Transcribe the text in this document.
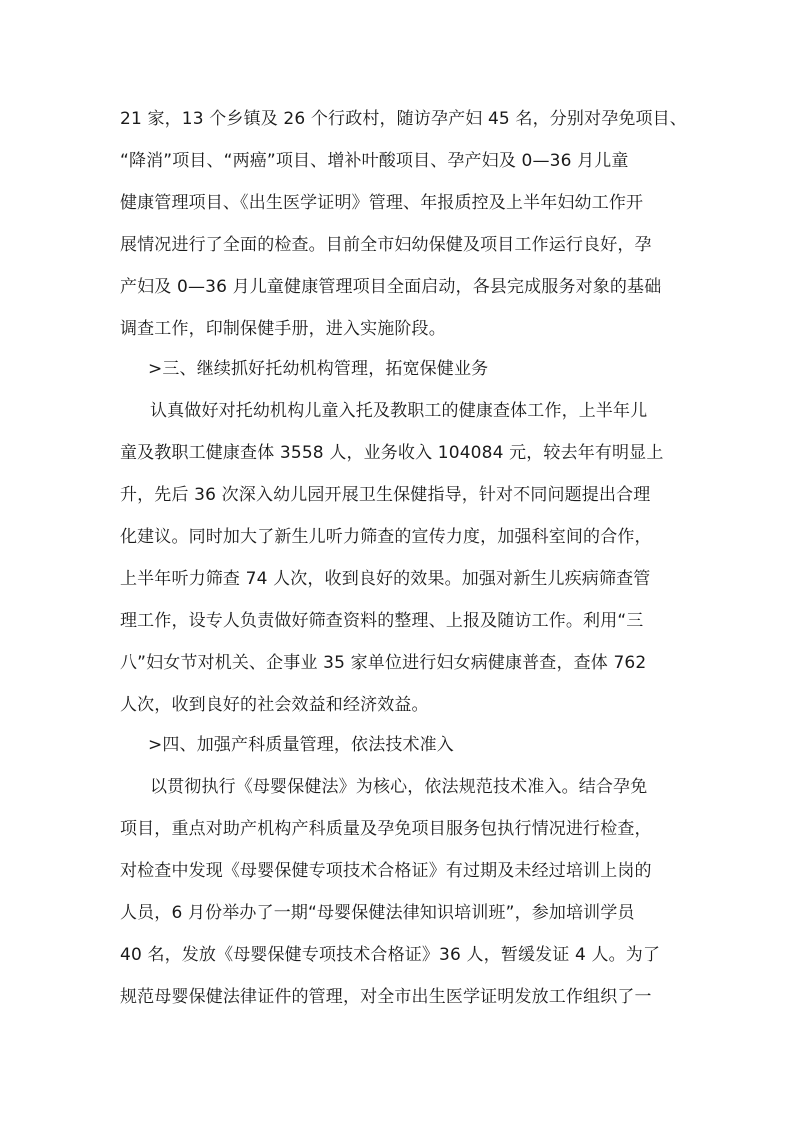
21 家，13 个乡镇及 26 个行政村，随访孕产妇 45 名，分别对孕免项目、
“降消”项目、“两癌”项目、增补叶酸项目、孕产妇及 0—36 月儿童
健康管理项目、《出生医学证明》管理、年报质控及上半年妇幼工作开
展情况进行了全面的检查。目前全市妇幼保健及项目工作运行良好，孕
产妇及 0—36 月儿童健康管理项目全面启动，各县完成服务对象的基础
调查工作，印制保健手册，进入实施阶段。
>三、继续抓好托幼机构管理，拓宽保健业务
认真做好对托幼机构儿童入托及教职工的健康查体工作，上半年儿
童及教职工健康查体 3558 人，业务收入 104084 元，较去年有明显上
升，先后 36 次深入幼儿园开展卫生保健指导，针对不同问题提出合理
化建议。同时加大了新生儿听力筛查的宣传力度，加强科室间的合作，
上半年听力筛查 74 人次，收到良好的效果。加强对新生儿疾病筛查管
理工作，设专人负责做好筛查资料的整理、上报及随访工作。利用“三
八”妇女节对机关、企事业 35 家单位进行妇女病健康普查，查体 762
人次，收到良好的社会效益和经济效益。
>四、加强产科质量管理，依法技术准入
以贯彻执行《母婴保健法》为核心，依法规范技术准入。结合孕免
项目，重点对助产机构产科质量及孕免项目服务包执行情况进行检查，
对检查中发现《母婴保健专项技术合格证》有过期及未经过培训上岗的
人员，6 月份举办了一期“母婴保健法律知识培训班”，参加培训学员
40 名，发放《母婴保健专项技术合格证》36 人，暂缓发证 4 人。为了
规范母婴保健法律证件的管理，对全市出生医学证明发放工作组织了一
